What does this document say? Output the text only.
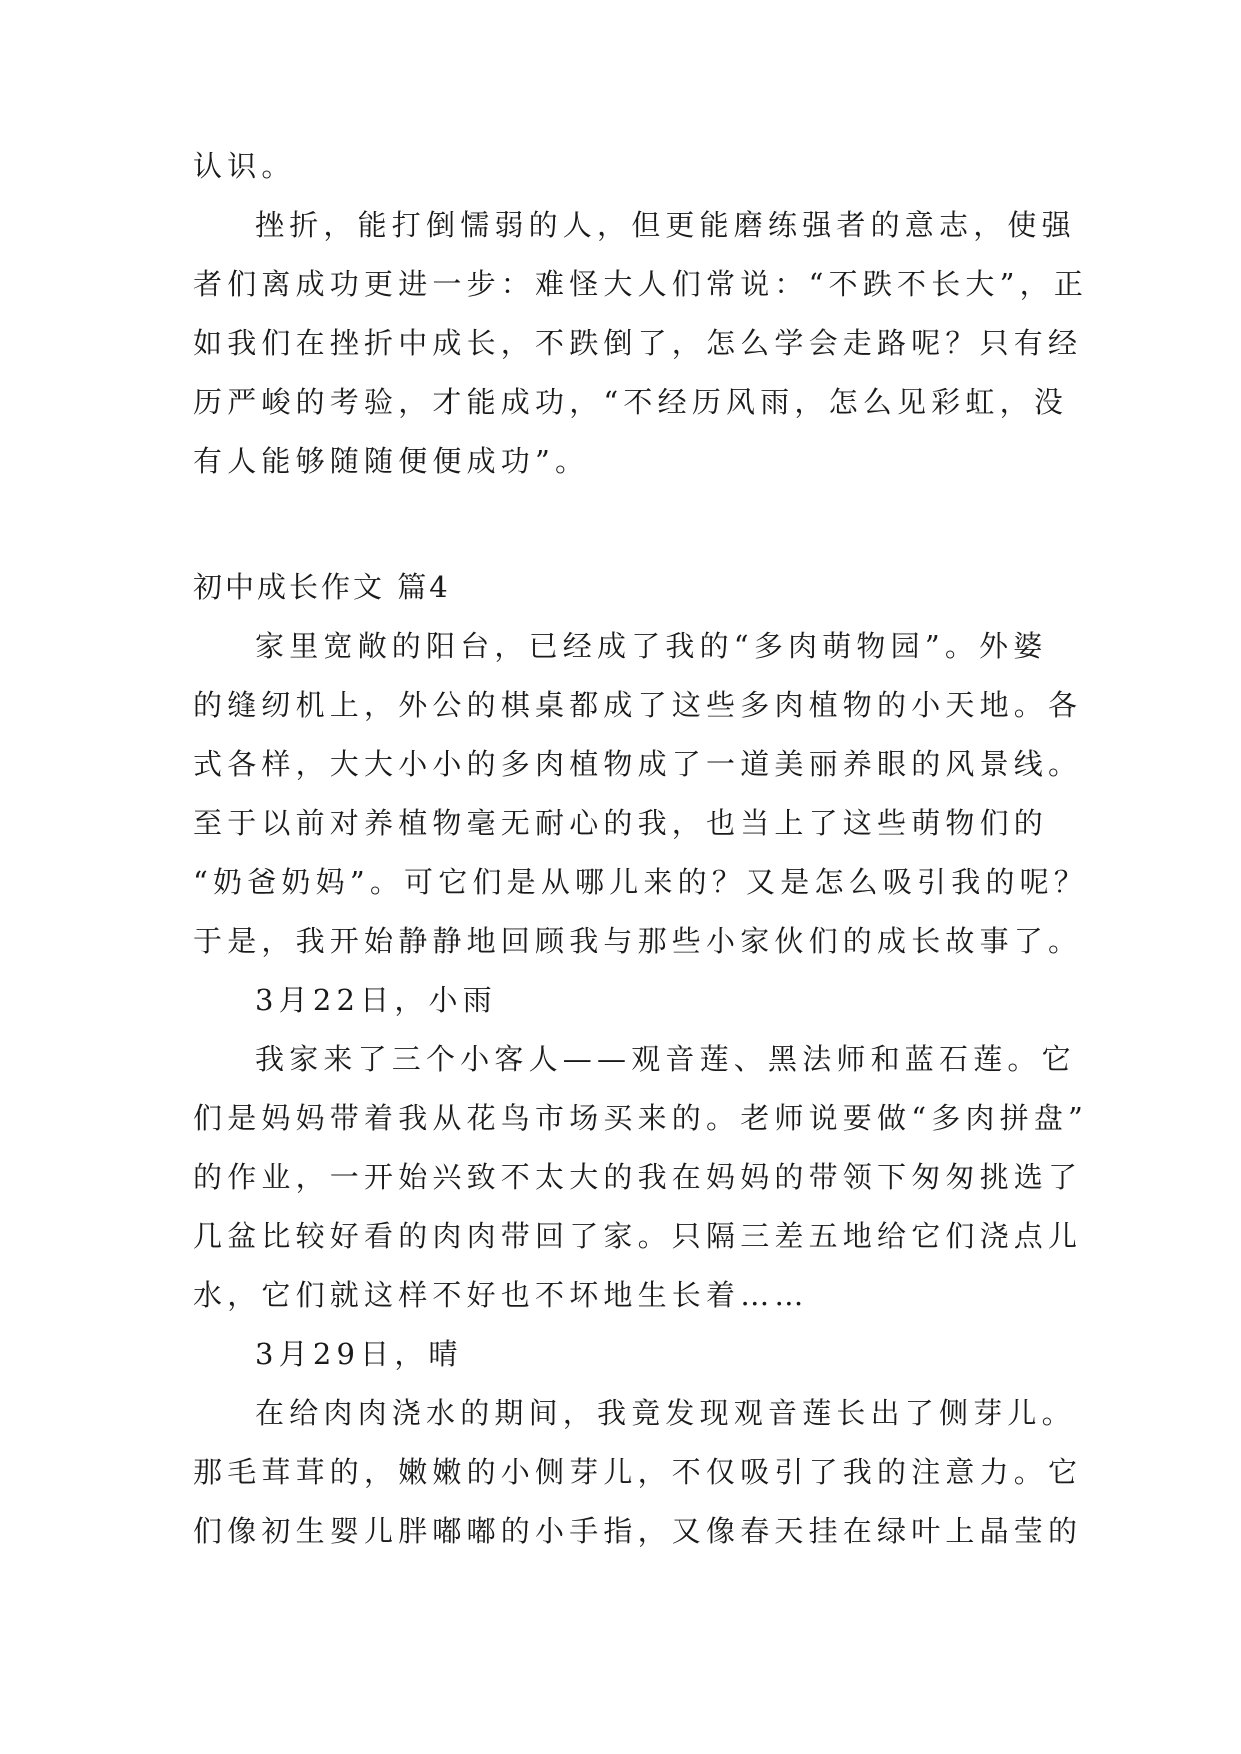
认识。
挫折，能打倒懦弱的人，但更能磨练强者的意志，使强
者们离成功更进一步：难怪大人们常说：“不跌不长大”，正
如我们在挫折中成长，不跌倒了，怎么学会走路呢？只有经
历严峻的考验，才能成功，“不经历风雨，怎么见彩虹，没
有人能够随随便便成功”。
初中成长作文 篇4
家里宽敞的阳台，已经成了我的“多肉萌物园”。外婆
的缝纫机上，外公的棋桌都成了这些多肉植物的小天地。各
式各样，大大小小的多肉植物成了一道美丽养眼的风景线。
至于以前对养植物毫无耐心的我，也当上了这些萌物们的
“奶爸奶妈”。可它们是从哪儿来的？又是怎么吸引我的呢？
于是，我开始静静地回顾我与那些小家伙们的成长故事了。
3月22日，小雨
我家来了三个小客人——观音莲、黑法师和蓝石莲。它
们是妈妈带着我从花鸟市场买来的。老师说要做“多肉拼盘”
的作业，一开始兴致不太大的我在妈妈的带领下匆匆挑选了
几盆比较好看的肉肉带回了家。只隔三差五地给它们浇点儿
水，它们就这样不好也不坏地生长着……
3月29日，晴
在给肉肉浇水的期间，我竟发现观音莲长出了侧芽儿。
那毛茸茸的，嫩嫩的小侧芽儿，不仅吸引了我的注意力。它
们像初生婴儿胖嘟嘟的小手指，又像春天挂在绿叶上晶莹的
